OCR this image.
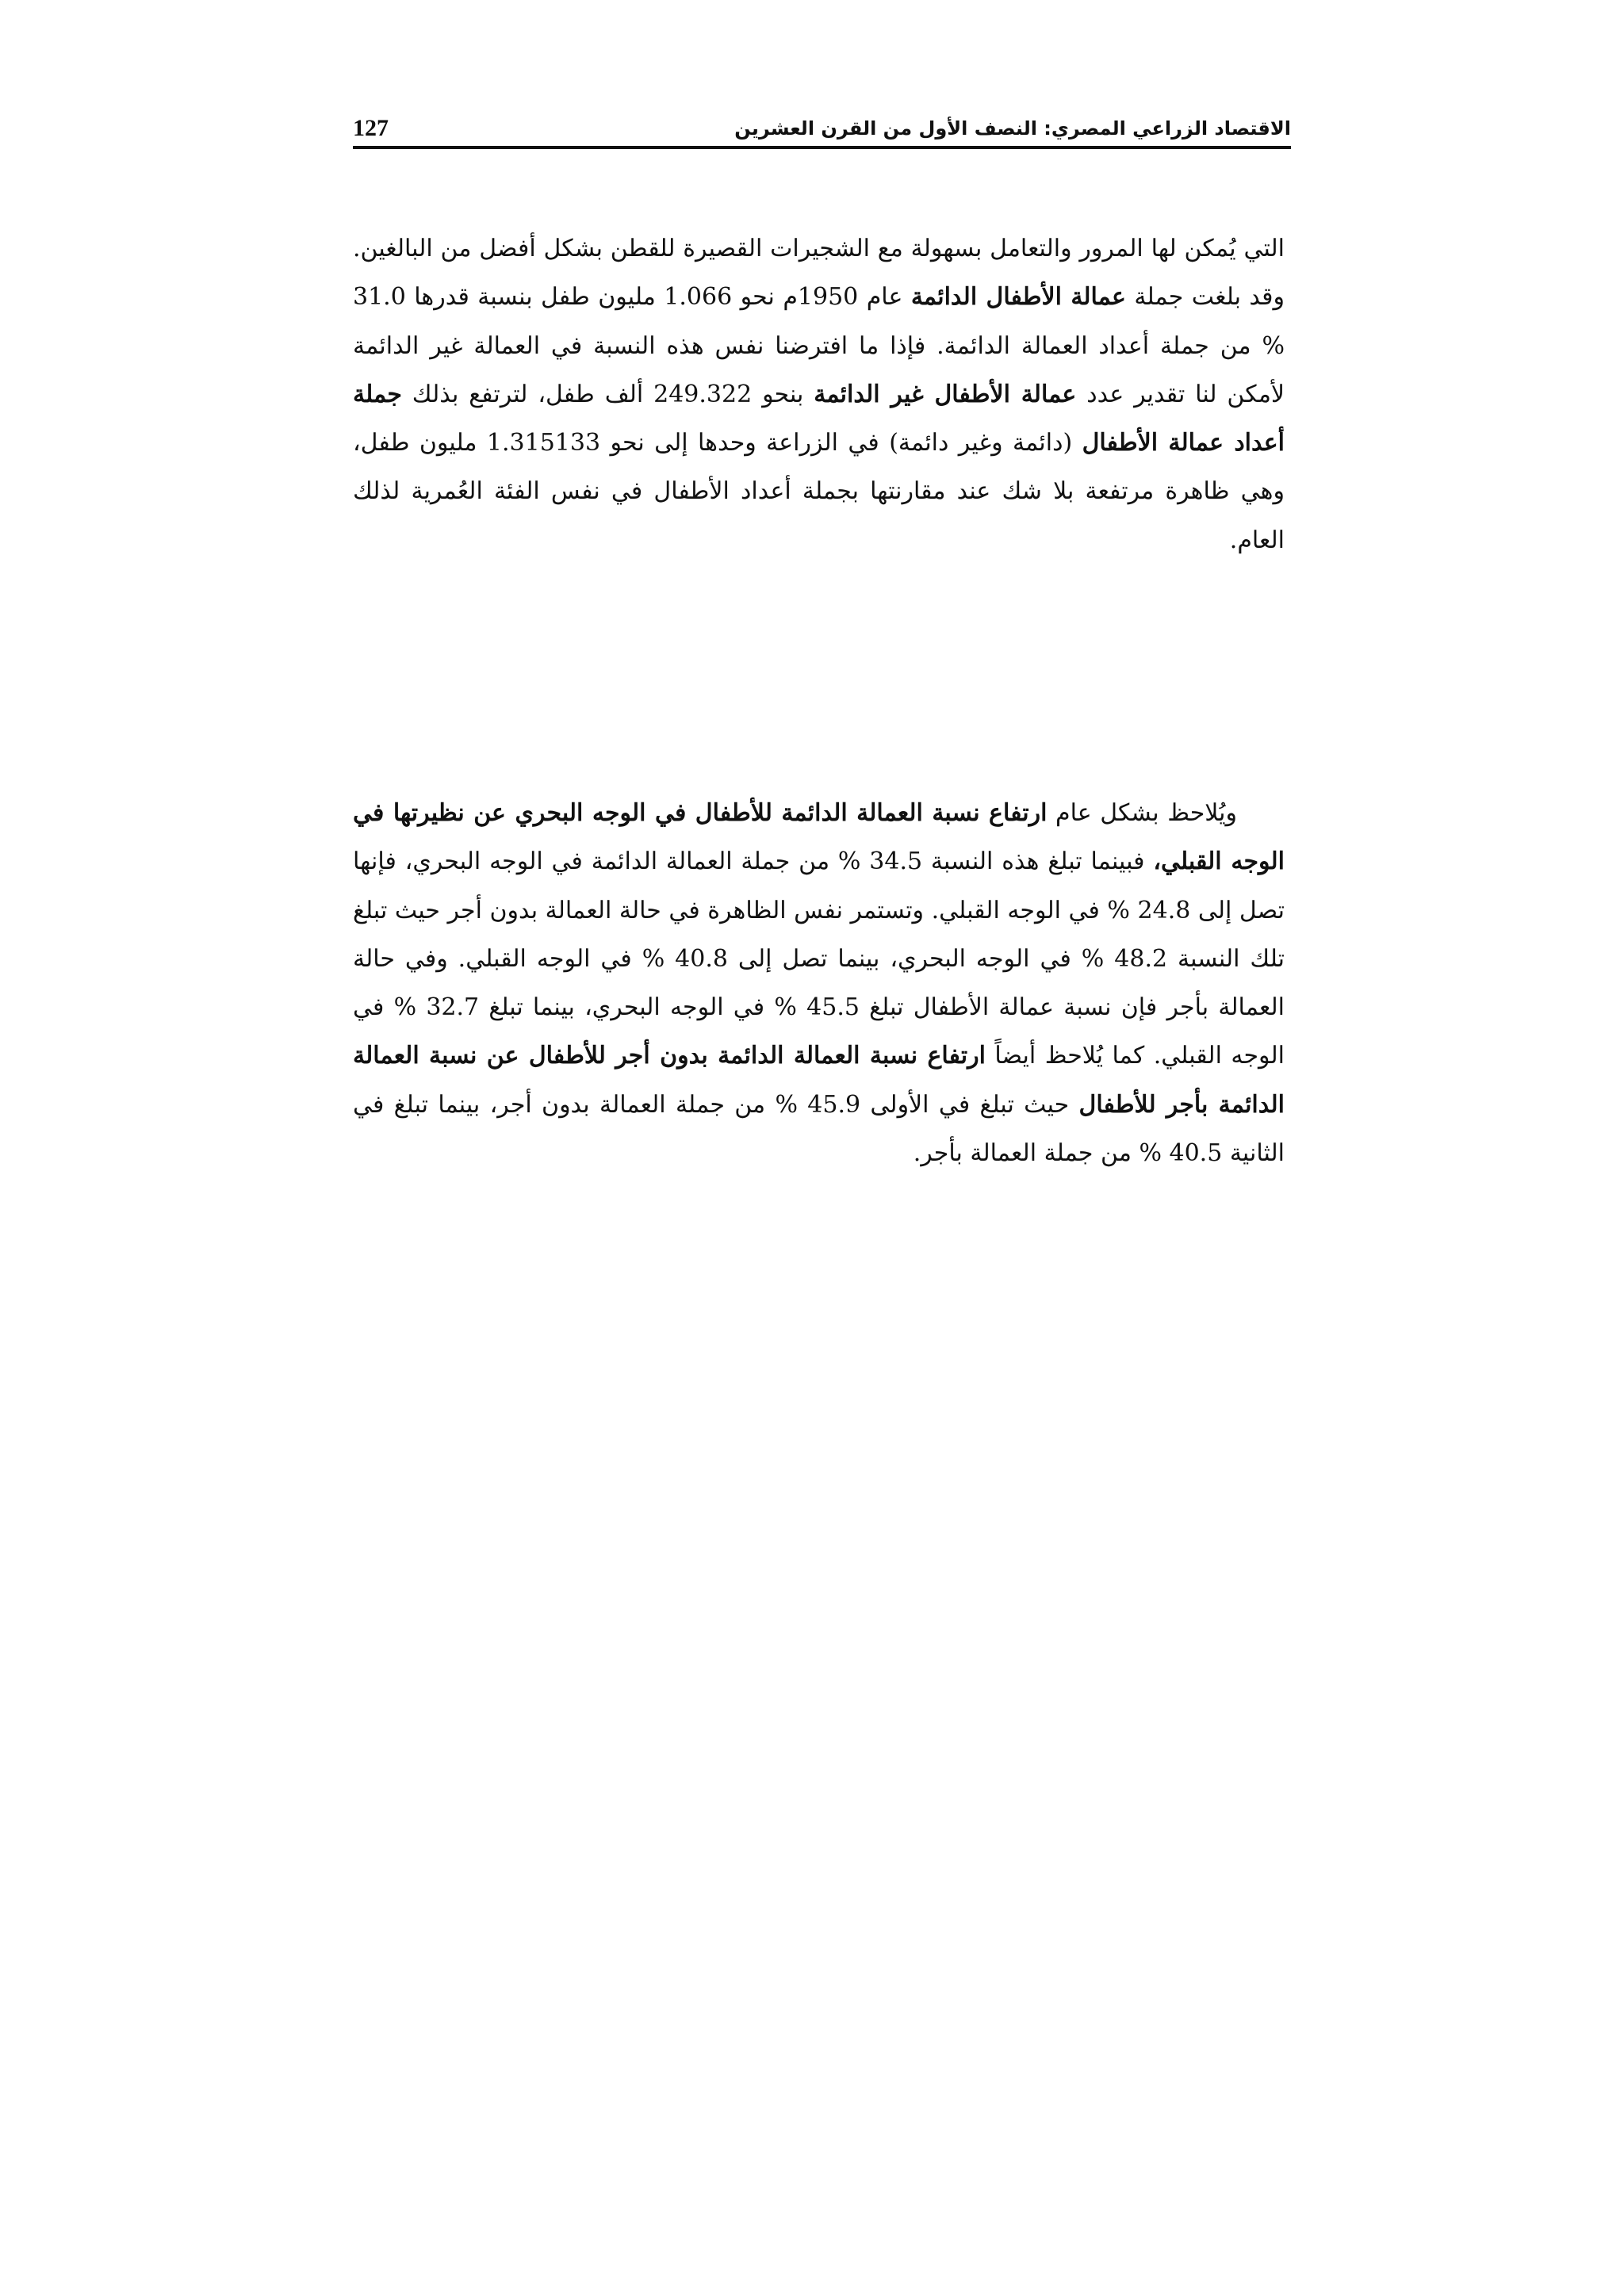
127	الاقتصاد الزراعي المصري: النصف الأول من القرن العشرين

التي يُمكن لها المرور والتعامل بسهولة مع الشجيرات القصيرة للقطن بشكل أفضل من البالغين. وقد بلغت جملة عمالة الأطفال الدائمة عام 1950م نحو 1.066 مليون طفل بنسبة قدرها 31.0 % من جملة أعداد العمالة الدائمة. فإذا ما افترضنا نفس هذه النسبة في العمالة غير الدائمة لأمكن لنا تقدير عدد عمالة الأطفال غير الدائمة بنحو 249.322 ألف طفل، لترتفع بذلك جملة أعداد عمالة الأطفال (دائمة وغير دائمة) في الزراعة وحدها إلى نحو 1.315133 مليون طفل، وهي ظاهرة مرتفعة بلا شك عند مقارنتها بجملة أعداد الأطفال في نفس الفئة العُمرية لذلك العام.

ويُلاحظ بشكل عام ارتفاع نسبة العمالة الدائمة للأطفال في الوجه البحري عن نظيرتها في الوجه القبلي، فبينما تبلغ هذه النسبة 34.5 % من جملة العمالة الدائمة في الوجه البحري، فإنها تصل إلى 24.8 % في الوجه القبلي. وتستمر نفس الظاهرة في حالة العمالة بدون أجر حيث تبلغ تلك النسبة 48.2 % في الوجه البحري، بينما تصل إلى 40.8 % في الوجه القبلي. وفي حالة العمالة بأجر فإن نسبة عمالة الأطفال تبلغ 45.5 % في الوجه البحري، بينما تبلغ 32.7 % في الوجه القبلي. كما يُلاحظ أيضاً ارتفاع نسبة العمالة الدائمة بدون أجر للأطفال عن نسبة العمالة الدائمة بأجر للأطفال حيث تبلغ في الأولى 45.9 % من جملة العمالة بدون أجر، بينما تبلغ في الثانية 40.5 % من جملة العمالة بأجر.
